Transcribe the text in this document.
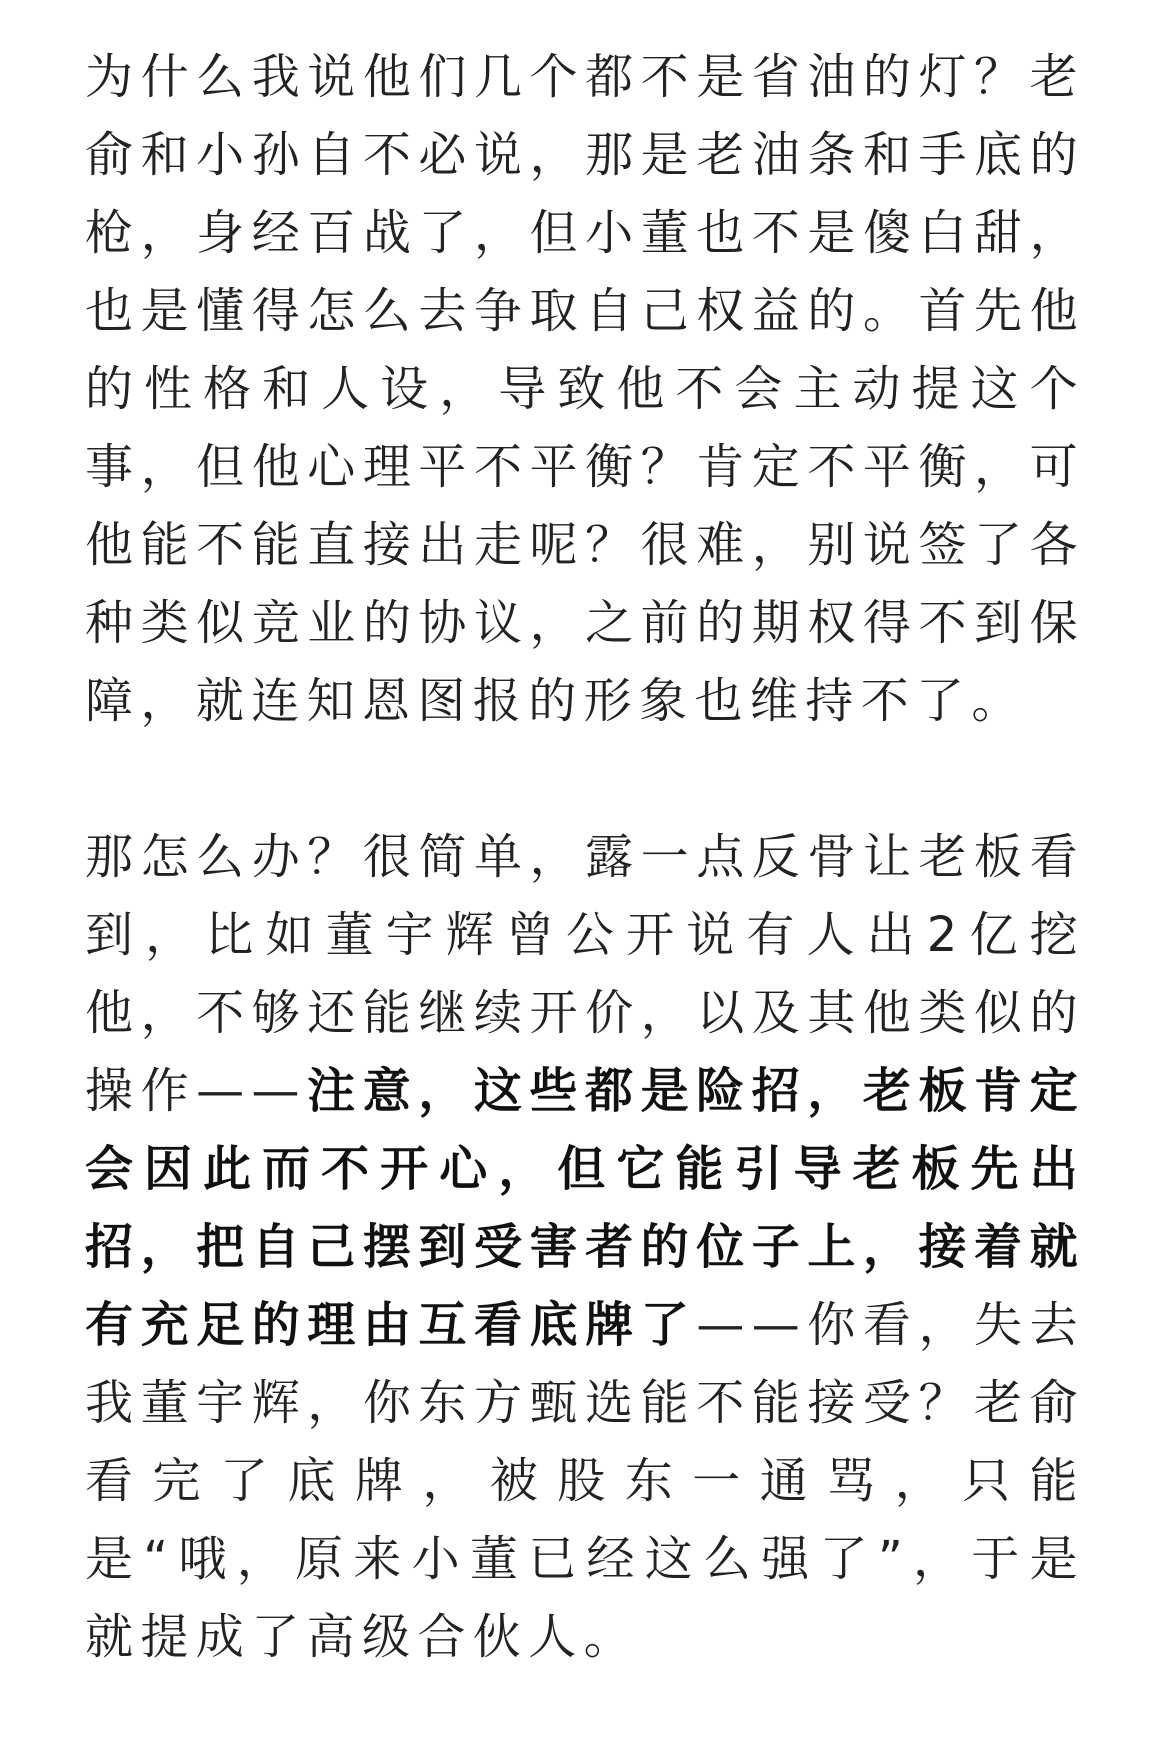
为什么我说他们几个都不是省油的灯？老俞和小孙自不必说，那是老油条和手底的枪，身经百战了，但小董也不是傻白甜，也是懂得怎么去争取自己权益的。首先他的性格和人设，导致他不会主动提这个事，但他心理平不平衡？肯定不平衡，可他能不能直接出走呢？很难，别说签了各种类似竞业的协议，之前的期权得不到保障，就连知恩图报的形象也维持不了。

那怎么办？很简单，露一点反骨让老板看到，比如董宇辉曾公开说有人出2亿挖他，不够还能继续开价，以及其他类似的操作——注意，这些都是险招，老板肯定会因此而不开心，但它能引导老板先出招，把自己摆到受害者的位子上，接着就有充足的理由互看底牌了——你看，失去我董宇辉，你东方甄选能不能接受？老俞看完了底牌，被股东一通骂，只能是“哦，原来小董已经这么强了”，于是就提成了高级合伙人。
